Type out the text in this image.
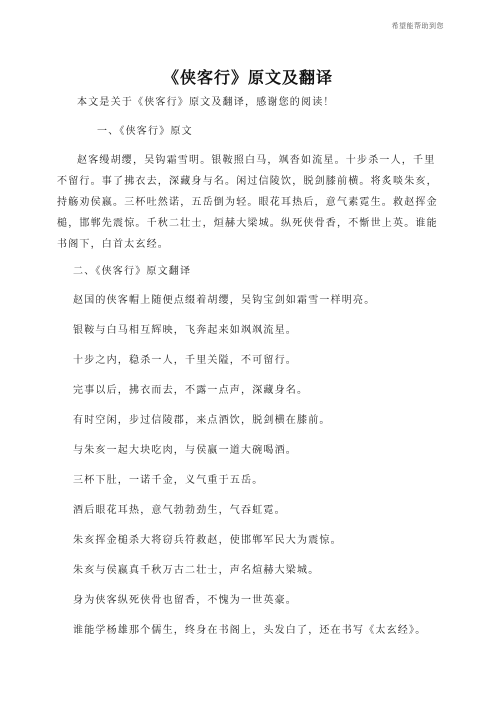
希望能帮助到您
《侠客行》原文及翻译

本文是关于《侠客行》原文及翻译，感谢您的阅读！

一、《侠客行》原文

赵客缦胡缨，吴钩霜雪明。银鞍照白马，飒沓如流星。十步杀一人，千里不留行。事了拂衣去，深藏身与名。闲过信陵饮，脱剑膝前横。将炙啖朱亥，持觞劝侯嬴。三杯吐然诺，五岳倒为轻。眼花耳热后，意气素霓生。救赵挥金槌，邯郸先震惊。千秋二壮士，烜赫大梁城。纵死侠骨香，不惭世上英。谁能书阁下，白首太玄经。

二、《侠客行》原文翻译

赵国的侠客帽上随便点缀着胡缨，吴钩宝剑如霜雪一样明亮。

银鞍与白马相互辉映，飞奔起来如飒飒流星。

十步之内，稳杀一人，千里关隘，不可留行。

完事以后，拂衣而去，不露一点声，深藏身名。

有时空闲，步过信陵郡，来点酒饮，脱剑横在膝前。

与朱亥一起大块吃肉，与侯嬴一道大碗喝酒。

三杯下肚，一诺千金，义气重于五岳。

酒后眼花耳热，意气勃勃劲生，气吞虹霓。

朱亥挥金槌杀大将窃兵符救赵，使邯郸军民大为震惊。

朱亥与侯嬴真千秋万古二壮士，声名煊赫大梁城。

身为侠客纵死侠骨也留香，不愧为一世英豪。

谁能学杨雄那个儒生，终身在书阁上，头发白了，还在书写《太玄经》。
